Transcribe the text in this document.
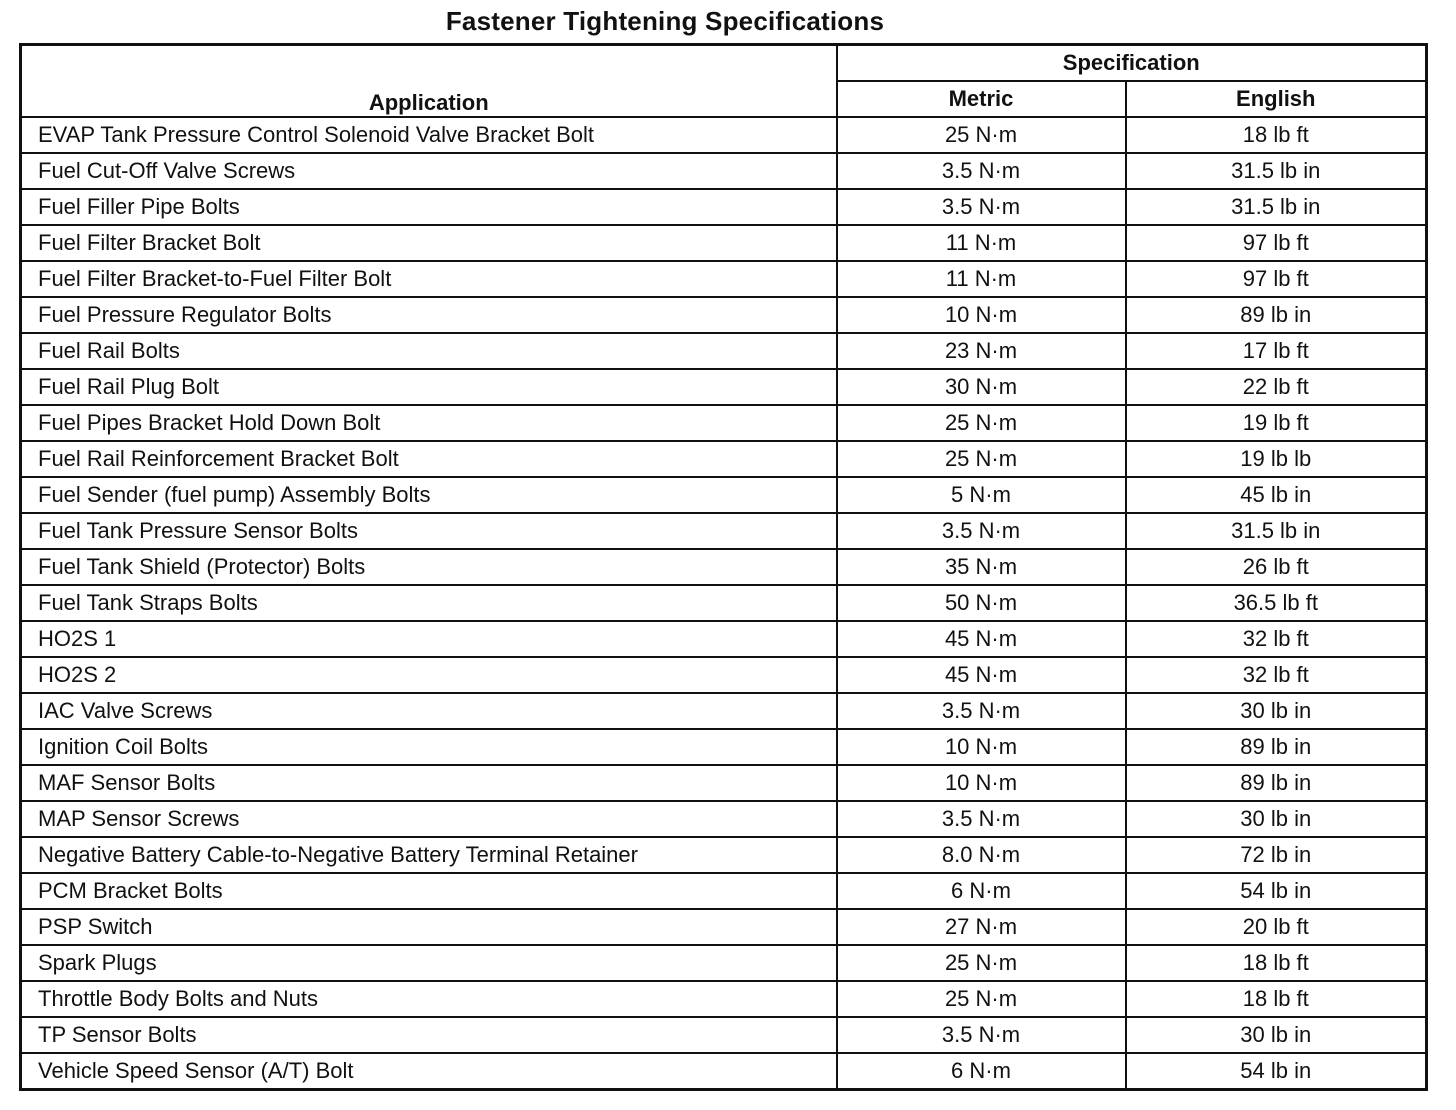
Fastener Tightening Specifications
Application	Specification	
	Metric	English
EVAP Tank Pressure Control Solenoid Valve Bracket Bolt	25 N·m	18 lb ft
Fuel Cut-Off Valve Screws	3.5 N·m	31.5 lb in
Fuel Filler Pipe Bolts	3.5 N·m	31.5 lb in
Fuel Filter Bracket Bolt	11 N·m	97 lb ft
Fuel Filter Bracket-to-Fuel Filter Bolt	11 N·m	97 lb ft
Fuel Pressure Regulator Bolts	10 N·m	89 lb in
Fuel Rail Bolts	23 N·m	17 lb ft
Fuel Rail Plug Bolt	30 N·m	22 lb ft
Fuel Pipes Bracket Hold Down Bolt	25 N·m	19 lb ft
Fuel Rail Reinforcement Bracket Bolt	25 N·m	19 lb lb
Fuel Sender (fuel pump) Assembly Bolts	5 N·m	45 lb in
Fuel Tank Pressure Sensor Bolts	3.5 N·m	31.5 lb in
Fuel Tank Shield (Protector) Bolts	35 N·m	26 lb ft
Fuel Tank Straps Bolts	50 N·m	36.5 lb ft
HO2S 1	45 N·m	32 lb ft
HO2S 2	45 N·m	32 lb ft
IAC Valve Screws	3.5 N·m	30 lb in
Ignition Coil Bolts	10 N·m	89 lb in
MAF Sensor Bolts	10 N·m	89 lb in
MAP Sensor Screws	3.5 N·m	30 lb in
Negative Battery Cable-to-Negative Battery Terminal Retainer	8.0 N·m	72 lb in
PCM Bracket Bolts	6 N·m	54 lb in
PSP Switch	27 N·m	20 lb ft
Spark Plugs	25 N·m	18 lb ft
Throttle Body Bolts and Nuts	25 N·m	18 lb ft
TP Sensor Bolts	3.5 N·m	30 lb in
Vehicle Speed Sensor (A/T) Bolt	6 N·m	54 lb in
